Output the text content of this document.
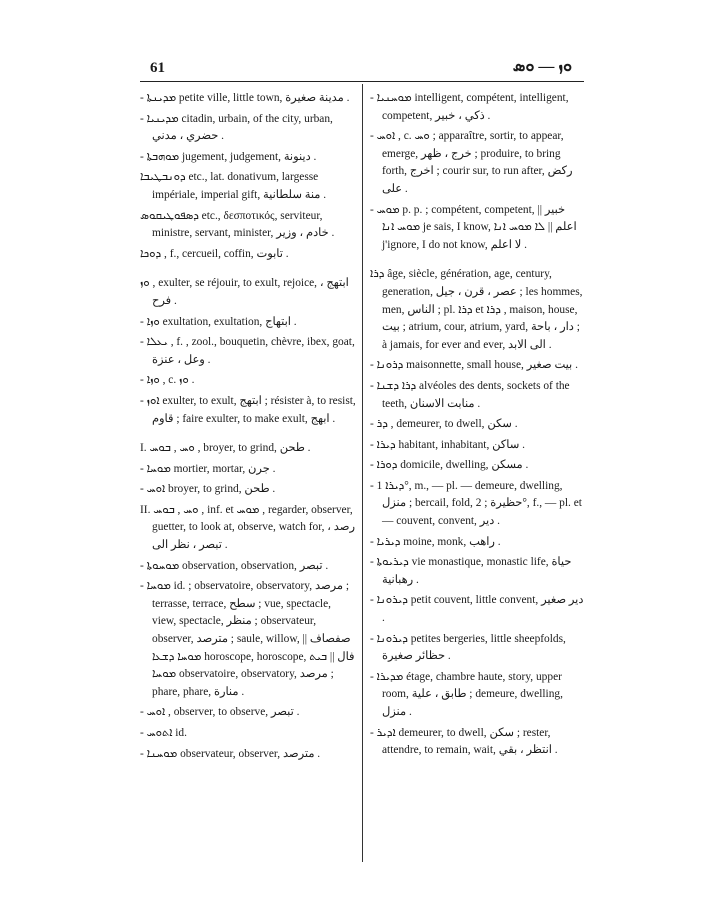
61	ܘܙ — ܘܣ

- ܡܕܝܢܬܐ petite ville, little town, مدينة صغيرة .

- ܡܕܝܢܝܐ citadin, urbain, of the city, urban, حضري ، مدني .

- ܡܘܗܒܬܐ jugement, judgement, دينونة .

ܕܘܢܒܛܝܒܐ etc., lat. donativum, largesse impériale, imperial gift, منة سلطانية .

ܕܣܦܘܛܝܩܘܣ etc., δεσποτικός, serviteur, ministre, servant, minister, خادم ، وزير .

ܕܘܟܐ , f., cercueil, coffin, تابوت .

ܘܙ , exulter, se réjouir, to exult, rejoice, ابتهج ، فرح .

- ܘܙܐ exultation, exultation, ابتهاج .

- ܝܥܠܐ , f. , zool., bouquetin, chèvre, ibex, goat, وعل ، عنزة .

- ܘܙܐ , c. ܘܙ .

- ܐܘܙ exulter, to exult, ابتهج ; résister à, to resist, قاوم ; faire exulter, to make exult, ابهج .

I. ܘܚ , ܒܘܚ , broyer, to grind, طحن .

- ܡܘܚܐ mortier, mortar, جرن .

- ܐܘܚ broyer, to grind, طحن .

II. ܘܚ , ܒܘܚ , inf. et ܡܘܚ , regarder, observer, guetter, to look at, observe, watch for, رصد ، تبصر ، نظر الى .

- ܡܘܚܘܬܐ observation, observation, تبصر .

- ܡܘܚܐ id. ; observatoire, observatory, مرصد ; terrasse, terrace, سطح ; vue, spectacle, view, spectacle, منظر ; observateur, observer, مترصد ; saule, willow, صفصاف || ܡܘܚܐ ܕܫܥܐ horoscope, horoscope, فال || ܒܝܬ ܡܘܚܐ observatoire, observatory, مرصد ; phare, phare, منارة .

- ܐܘܚ , observer, to observe, تبصر .

- ܐܬܘܚ id.

- ܡܘܚܢܐ observateur, observer, مترصد .

- ܡܘܚܢܝܐ intelligent, compétent, intelligent, competent, ذكي ، خبير .

- ܐܘܚ , c. ܘܚ ; apparaître, sortir, to appear, emerge, خرج ، ظهر ; produire, to bring forth, اخرج ; courir sur, to run after, ركض على .

- ܡܘܚ p. p. ; compétent, competent, خبير || ܡܘܚ ܐܢܐ je sais, I know, اعلم || ܠܐ ܡܘܚ ܐܢܐ j'ignore, I do not know, لا اعلم .

ܕܪܐ âge, siècle, génération, age, century, generation, عصر ، قرن ، جيل ; les hommes, men, الناس ; pl. ܕܪܐ et ܕܪܐ , maison, house, بيت ; atrium, cour, atrium, yard, دار ، باحة ; à jamais, for ever and ever, الى الابد .

- ܕܪܘܢܐ maisonnette, small house, بيت صغير .

- ܕܪܐ ܕܫܢܐ alvéoles des dents, sockets of the teeth, منابت الاسنان .

- ܕܪ , demeurer, to dwell, سكن .

- ܕܝܪܐ habitant, inhabitant, ساكن .

- ܕܘܪܐ domicile, dwelling, مسكن .

- ܕܝܪܐ 1°, m., — pl. — demeure, dwelling, منزل ; bercail, fold, حظيرة ; 2°, f., — pl. et — couvent, convent, دير .

- ܕܝܪܝܐ moine, monk, راهب .

- ܕܝܪܝܘܬܐ vie monastique, monastic life, حياة رهبانية .

- ܕܝܪܘܢܐ petit couvent, little convent, دير صغير .

- ܕܝܪܘܢܐ petites bergeries, little sheepfolds, حظائر صغيرة .

- ܡܕܝܪܐ étage, chambre haute, story, upper room, طابق ، علية ; demeure, dwelling, منزل .

- ܐܕܝܪ demeurer, to dwell, سكن ; rester, attendre, to remain, wait, انتظر ، بقي .
